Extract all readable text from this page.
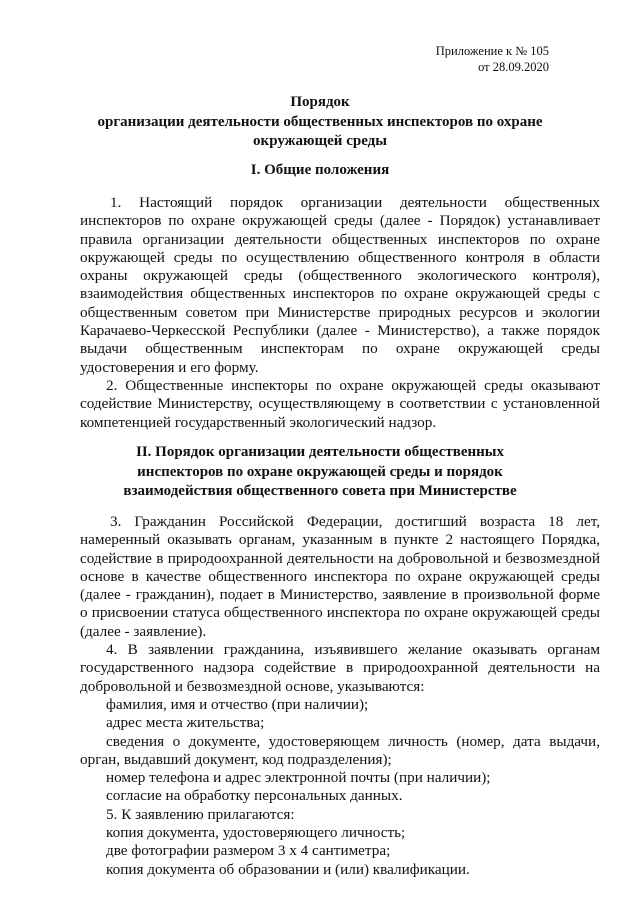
Приложение к № 105
от 28.09.2020
Порядок
организации деятельности общественных инспекторов по охране
окружающей среды
I. Общие положения

1. Настоящий порядок организации деятельности общественных инспекторов по охране окружающей среды (далее - Порядок) устанавливает правила организации деятельности общественных инспекторов по охране окружающей среды по осуществлению общественного контроля в области охраны окружающей среды (общественного экологического контроля), взаимодействия общественных инспекторов по охране окружающей среды с общественным советом при Министерстве природных ресурсов и экологии Карачаево-Черкесской Республики (далее - Министерство), а также порядок выдачи общественным инспекторам по охране окружающей среды удостоверения и его форму.

2. Общественные инспекторы по охране окружающей среды оказывают содействие Министерству, осуществляющему в соответствии с установленной компетенцией государственный экологический надзор.

II. Порядок организации деятельности общественных
инспекторов по охране окружающей среды и порядок
взаимодействия общественного совета при Министерстве

3. Гражданин Российской Федерации, достигший возраста 18 лет, намеренный оказывать органам, указанным в пункте 2 настоящего Порядка, содействие в природоохранной деятельности на добровольной и безвозмездной основе в качестве общественного инспектора по охране окружающей среды (далее - гражданин), подает в Министерство, заявление в произвольной форме о присвоении статуса общественного инспектора по охране окружающей среды (далее - заявление).

4. В заявлении гражданина, изъявившего желание оказывать органам государственного надзора содействие в природоохранной деятельности на добровольной и безвозмездной основе, указываются:

фамилия, имя и отчество (при наличии);

адрес места жительства;

сведения о документе, удостоверяющем личность (номер, дата выдачи, орган, выдавший документ, код подразделения);

номер телефона и адрес электронной почты (при наличии);

согласие на обработку персональных данных.

5. К заявлению прилагаются:

копия документа, удостоверяющего личность;

две фотографии размером 3 х 4 сантиметра;

копия документа об образовании и (или) квалификации.
